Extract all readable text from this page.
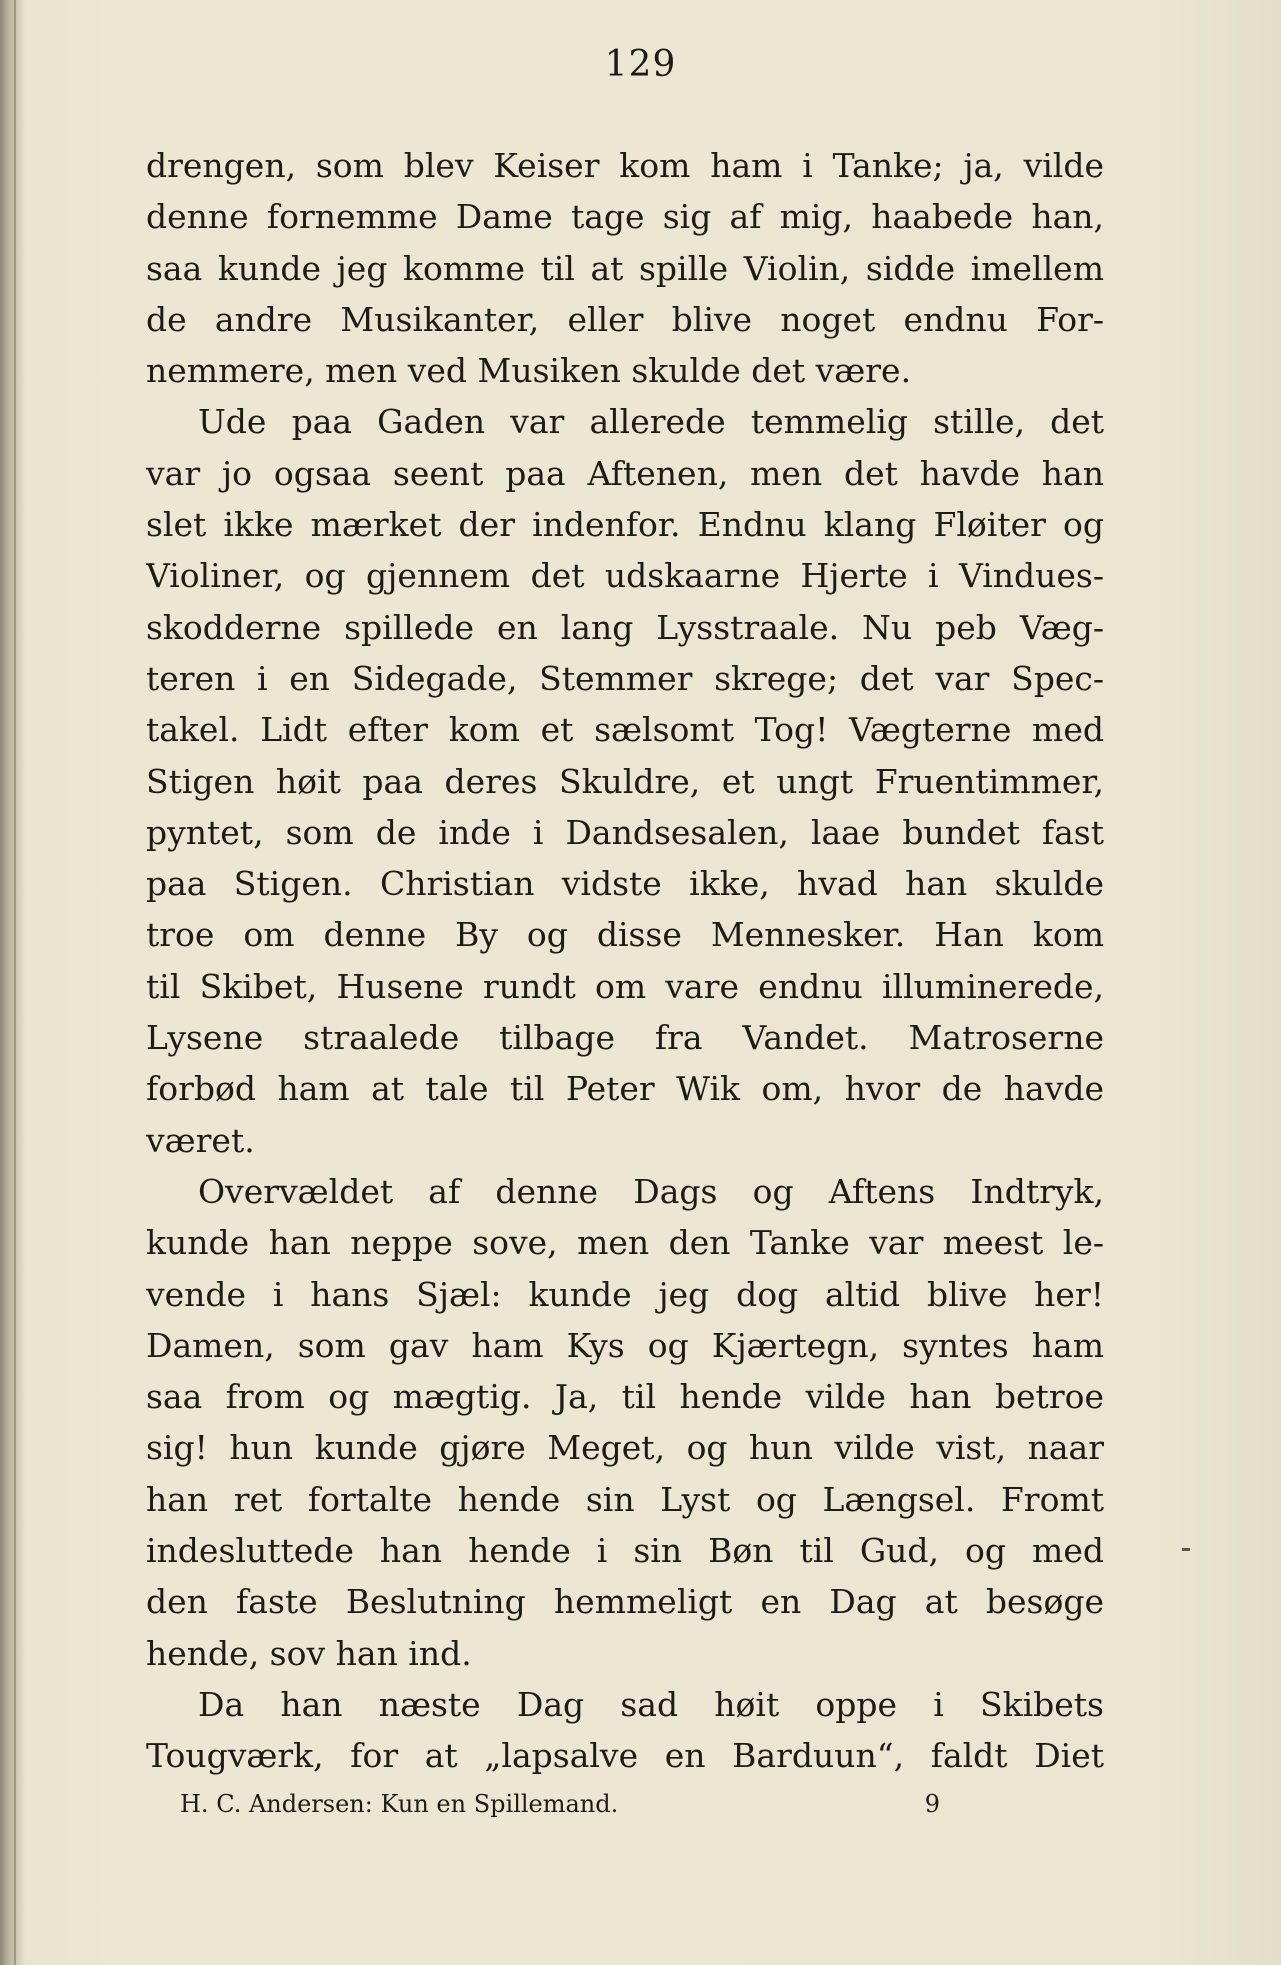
129
drengen, som blev Keiser kom ham i Tanke; ja, vilde
denne fornemme Dame tage sig af mig, haabede han,
saa kunde jeg komme til at spille Violin, sidde imellem
de andre Musikanter, eller blive noget endnu For-
nemmere, men ved Musiken skulde det være.
Ude paa Gaden var allerede temmelig stille, det
var jo ogsaa seent paa Aftenen, men det havde han
slet ikke mærket der indenfor. Endnu klang Fløiter og
Violiner, og gjennem det udskaarne Hjerte i Vindues-
skodderne spillede en lang Lysstraale. Nu peb Væg-
teren i en Sidegade, Stemmer skrege; det var Spec-
takel. Lidt efter kom et sælsomt Tog! Vægterne med
Stigen høit paa deres Skuldre, et ungt Fruentimmer,
pyntet, som de inde i Dandsesalen, laae bundet fast
paa Stigen. Christian vidste ikke, hvad han skulde
troe om denne By og disse Mennesker. Han kom
til Skibet, Husene rundt om vare endnu illuminerede,
Lysene straalede tilbage fra Vandet. Matroserne
forbød ham at tale til Peter Wik om, hvor de havde
været.
Overvældet af denne Dags og Aftens Indtryk,
kunde han neppe sove, men den Tanke var meest le-
vende i hans Sjæl: kunde jeg dog altid blive her!
Damen, som gav ham Kys og Kjærtegn, syntes ham
saa from og mægtig. Ja, til hende vilde han betroe
sig! hun kunde gjøre Meget, og hun vilde vist, naar
han ret fortalte hende sin Lyst og Længsel. Fromt
indesluttede han hende i sin Bøn til Gud, og med
den faste Beslutning hemmeligt en Dag at besøge
hende, sov han ind.
Da han næste Dag sad høit oppe i Skibets
Tougværk, for at „lapsalve en Barduun“, faldt Diet
H. C. Andersen: Kun en Spillemand.	9
